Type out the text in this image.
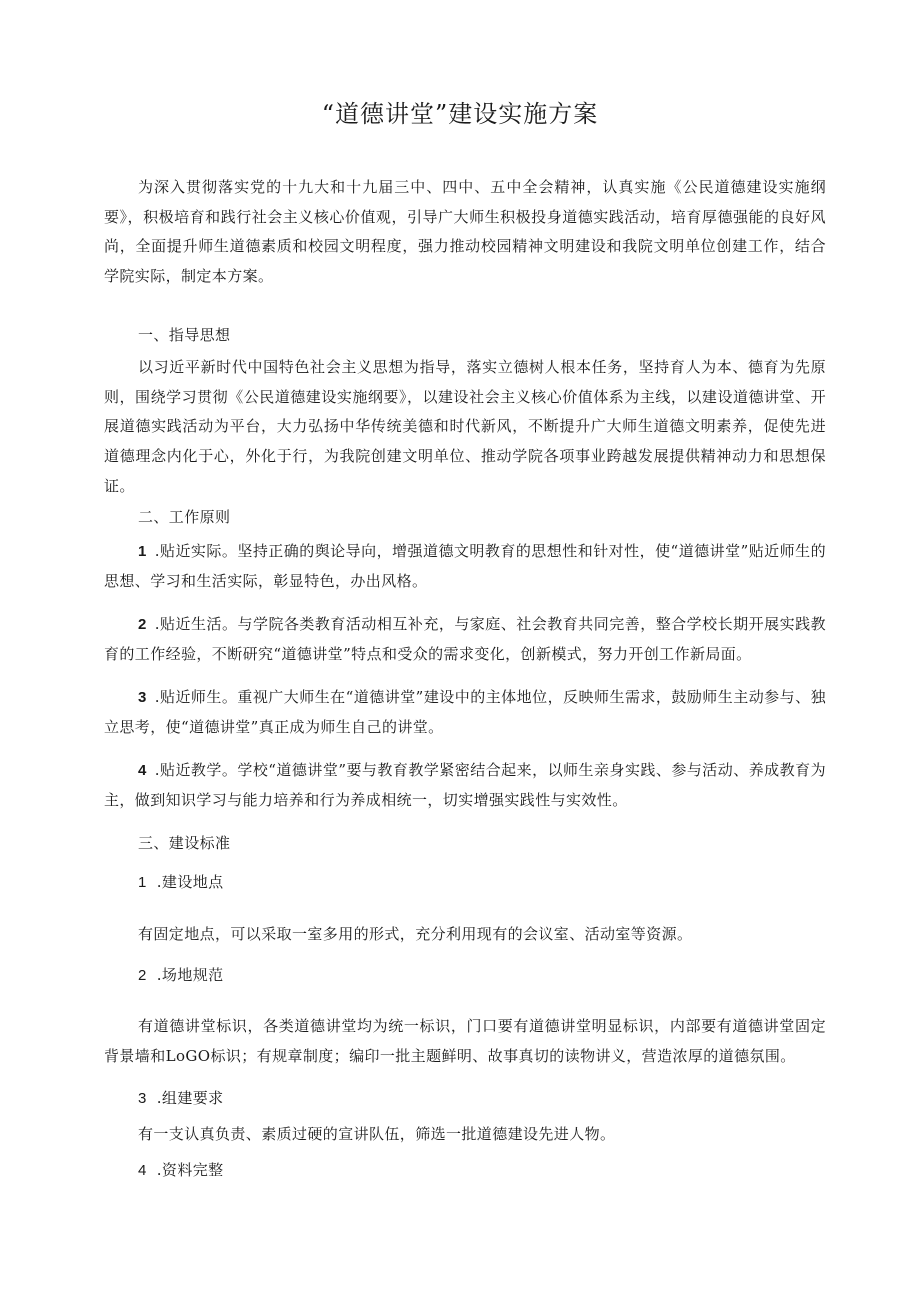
“道德讲堂”建设实施方案
为深入贯彻落实党的十九大和十九届三中、四中、五中全会精神，认真实施《公民道德建设实施纲要》，积极培育和践行社会主义核心价值观，引导广大师生积极投身道德实践活动，培育厚德强能的良好风尚，全面提升师生道德素质和校园文明程度，强力推动校园精神文明建设和我院文明单位创建工作，结合学院实际，制定本方案。
一、指导思想
以习近平新时代中国特色社会主义思想为指导，落实立德树人根本任务，坚持育人为本、德育为先原则，围绕学习贯彻《公民道德建设实施纲要》，以建设社会主义核心价值体系为主线，以建设道德讲堂、开展道德实践活动为平台，大力弘扬中华传统美德和时代新风，不断提升广大师生道德文明素养，促使先进道德理念内化于心，外化于行，为我院创建文明单位、推动学院各项事业跨越发展提供精神动力和思想保证。
二、工作原则
1 .贴近实际。坚持正确的舆论导向，增强道德文明教育的思想性和针对性，使“道德讲堂”贴近师生的思想、学习和生活实际，彰显特色，办出风格。
2 .贴近生活。与学院各类教育活动相互补充，与家庭、社会教育共同完善，整合学校长期开展实践教育的工作经验，不断研究“道德讲堂”特点和受众的需求变化，创新模式，努力开创工作新局面。
3 .贴近师生。重视广大师生在“道德讲堂”建设中的主体地位，反映师生需求，鼓励师生主动参与、独立思考，使“道德讲堂”真正成为师生自己的讲堂。
4 .贴近教学。学校“道德讲堂”要与教育教学紧密结合起来，以师生亲身实践、参与活动、养成教育为主，做到知识学习与能力培养和行为养成相统一，切实增强实践性与实效性。
三、建设标准
1 .建设地点
有固定地点，可以采取一室多用的形式，充分利用现有的会议室、活动室等资源。
2 .场地规范
有道德讲堂标识，各类道德讲堂均为统一标识，门口要有道德讲堂明显标识，内部要有道德讲堂固定背景墙和LoGO标识；有规章制度；编印一批主题鲜明、故事真切的读物讲义，营造浓厚的道德氛围。
3 .组建要求
有一支认真负责、素质过硬的宣讲队伍，筛选一批道德建设先进人物。
4 .资料完整
